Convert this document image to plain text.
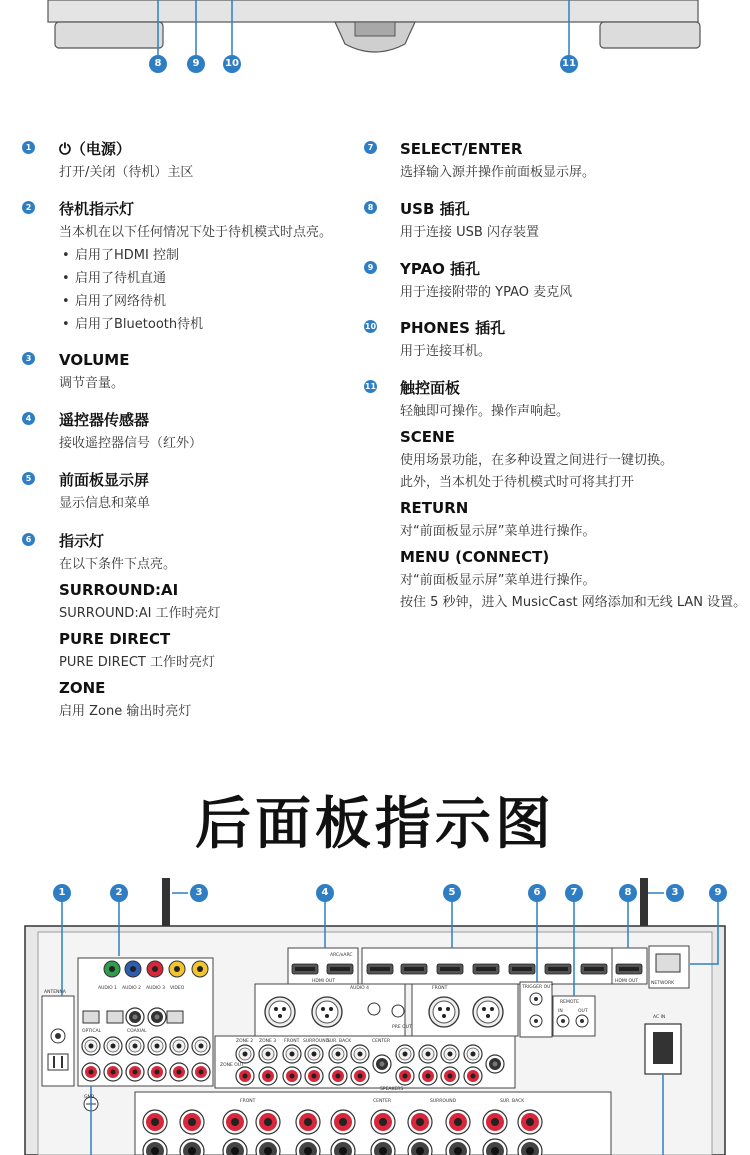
8	9	10	11
1 ⏻（电源）
打开/关闭（待机）主区
2 待机指示灯
当本机在以下任何情况下处于待机模式时点亮。
• 启用了HDMI 控制
• 启用了待机直通
• 启用了网络待机
• 启用了Bluetooth待机
3 VOLUME
调节音量。
4 遥控器传感器
接收遥控器信号（红外）
5 前面板显示屏
显示信息和菜单
6 指示灯
在以下条件下点亮。
SURROUND:AI
SURROUND:AI 工作时亮灯
PURE DIRECT
PURE DIRECT 工作时亮灯
ZONE
启用 Zone 输出时亮灯
7 SELECT/ENTER
选择输入源并操作前面板显示屏。
8 USB 插孔
用于连接 USB 闪存装置
9 YPAO 插孔
用于连接附带的 YPAO 麦克风
10 PHONES 插孔
用于连接耳机。
11 触控面板
轻触即可操作。操作声响起。
SCENE
使用场景功能，在多种设置之间进行一键切换。
此外，当本机处于待机模式时可将其打开
RETURN
对“前面板显示屏”菜单进行操作。
MENU (CONNECT)
对“前面板显示屏”菜单进行操作。
按住 5 秒钟，进入 MusicCast 网络添加和无线 LAN 设置。
后面板指示图
ANTENNA
AUDIO 1 AUDIO 2 AUDIO 3 VIDEO
OPTICAL	COAXIAL
GND
AUDIO 4
HDMI OUT
ARC/eARC
HDMI OUT	NETWORK
AC IN
FRONT
PRE OUT
TRIGGER OUT
REMOTE
IN	OUT
ZONE OUT
ZONE 2 ZONE 3 FRONT SURROUND
SUR. BACK	CENTER
SPEAKERS
FRONT	CENTER	SURROUND	SUR. BACK
1	2	3	4	5	6	7	8	3	9
